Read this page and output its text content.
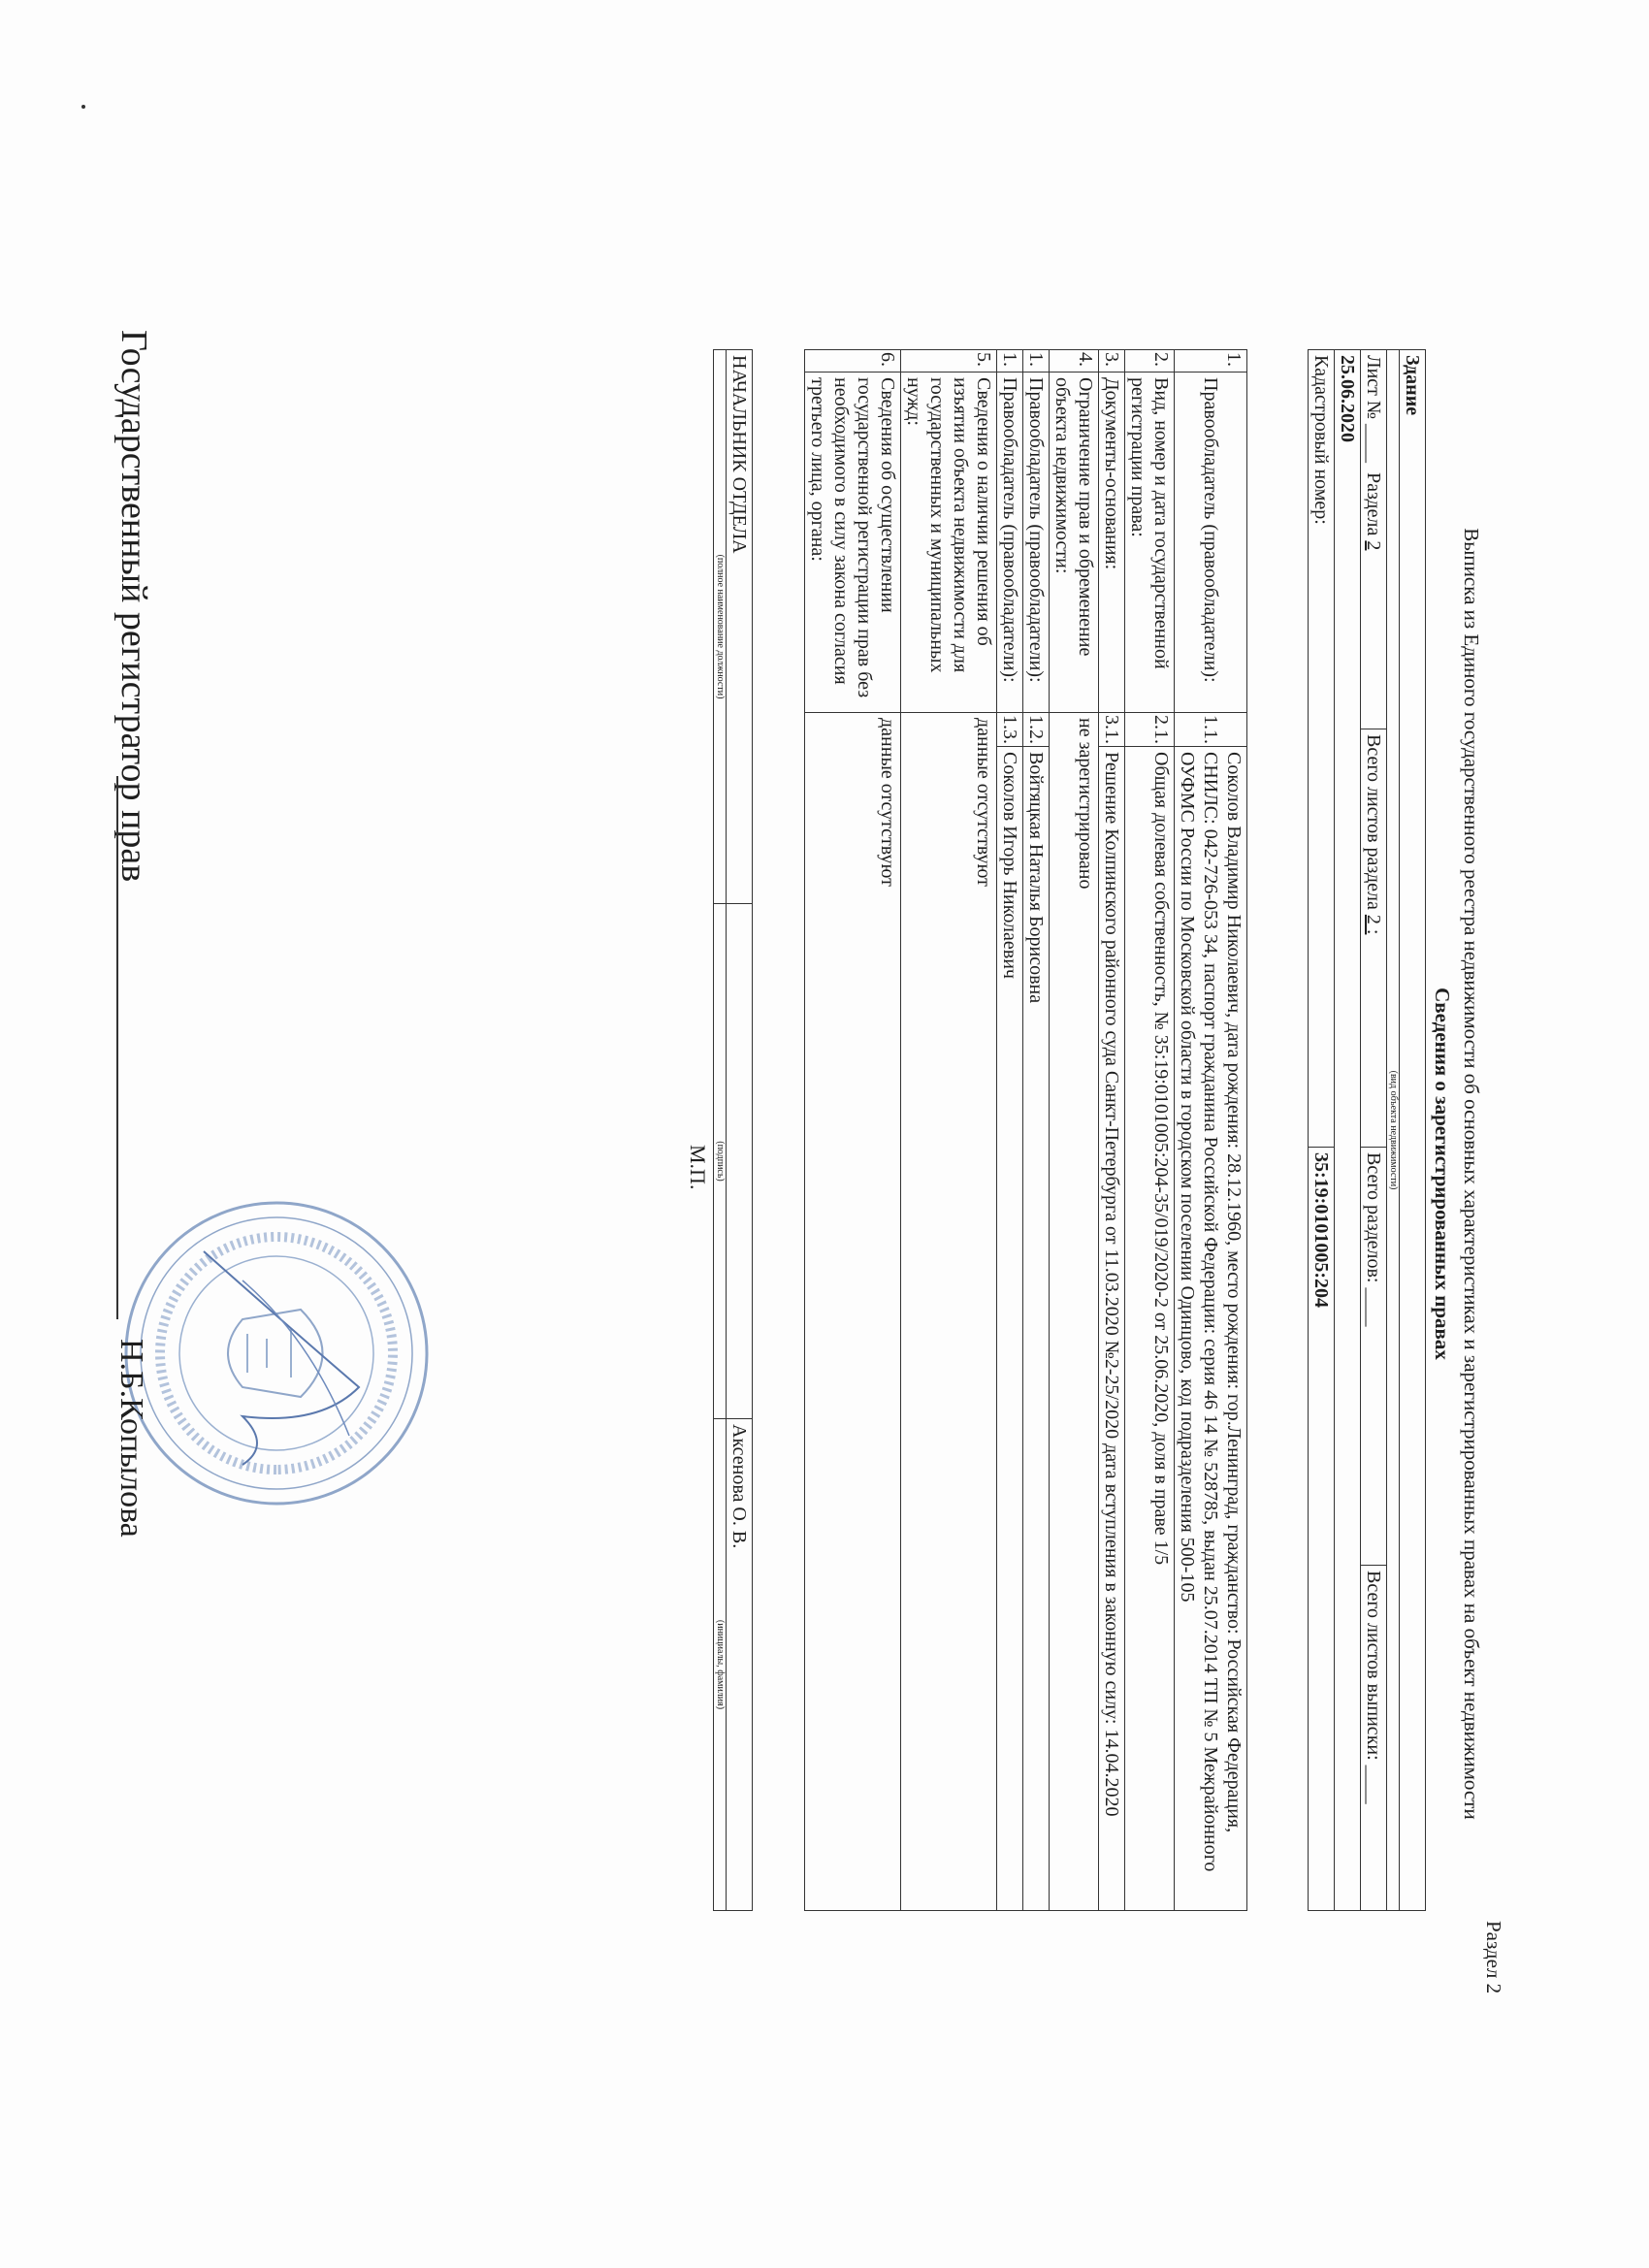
Раздел 2
Выписка из Единого государственного реестра недвижимости об основных характеристиках и зарегистрированных правах на объект недвижимости
Сведения о зарегистрированных правах
Здание			
(вид объекта недвижимости)			
Лист № ____  Раздела 2	Всего листов раздела 2 :	Всего разделов: ____	Всего листов выписки: ____
25.06.2020			
Кадастровый номер:		35:19:0101005:204	
1.	Правообладатель (правообладатели):	1.1.	Соколов Владимир Николаевич, дата рождения: 28.12.1960, место рождения: гор.Ленинград, гражданство: Российская Федерация, СНИЛС: 042-726-053 34, паспорт гражданина Российской Федерации: серия 46 14 № 528785, выдан 25.07.2014 ТП № 5 Межрайонного ОУФМС России по Московской области в городском поселении Одинцово, код подразделения 500-105
2.	Вид, номер и дата государственной регистрации права:	2.1.	Общая долевая собственность, № 35:19:0101005:204-35/019/2020-2 от 25.06.2020, доля в праве 1/5
3.	Документы-основания:	3.1.	Решение Колпинского районного суда Санкт-Петербурга от 11.03.2020 №2-25/2020 дата вступления в законную силу: 14.04.2020
4.	Ограничение прав и обременение объекта недвижимости:	не зарегистрировано	
1.	Правообладатель (правообладатели):	1.2.	Войтяцкая Наталья Борисовна
1.	Правообладатель (правообладатели):	1.3.	Соколов Игорь Николаевич
5.	Сведения о наличии решения об изъятии объекта недвижимости для государственных и муниципальных нужд:	данные отсутствуют	
6.	Сведения об осуществлении государственной регистрации прав без необходимого в силу закона согласия третьего лица, органа:	данные отсутствуют	
НАЧАЛЬНИК ОТДЕЛА		Аксенова О. В.
(полное наименование должности)	(подпись)	(инициалы, фамилия)
М.П.
Государственный регистратор прав
Н.Б.Копылова
